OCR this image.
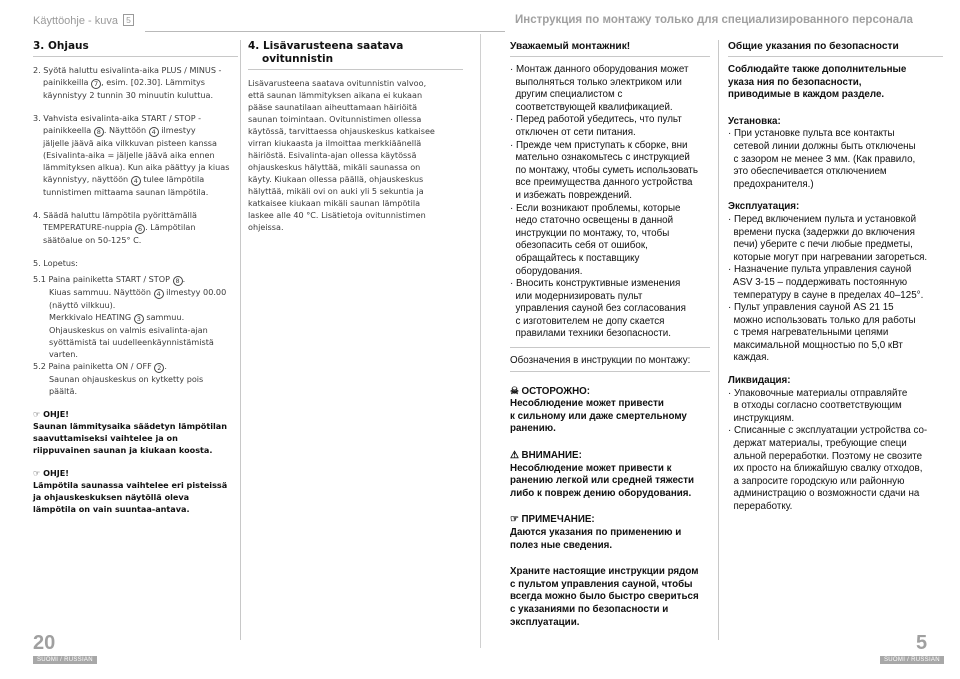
Käyttöohje - kuva 5	Инструкция по монтажу только для специализированного персонала
3. Ohjaus
2. Syötä haluttu esivalinta-aika PLUS / MINUS -
painikkeilla 7 , esim. [02.30]. Lämmitys
käynnistyy 2 tunnin 30 minuutin kuluttua.
3. Vahvista esivalinta-aika START / STOP -
painikkeella 8 . Näyttöön 4 ilmestyy
jäljelle jäävä aika vilkkuvan pisteen kanssa
(Esivalinta-aika = jäljelle jäävä aika ennen
lämmityksen alkua). Kun aika päättyy ja kiuas
käynnistyy, näyttöön 4 tulee lämpötila
tunnistimen mittaama saunan lämpötila.
4. Säädä haluttu lämpötila pyörittämällä
TEMPERATURE-nuppia 6 . Lämpötilan
säätöalue on 50-125° C.
5. Lopetus:
5.1 Paina painiketta START / STOP 8 .
Kiuas sammuu. Näyttöön 4 ilmestyy 00.00
(näyttö vilkkuu).
Merkkivalo HEATING 3 sammuu.
Ohjauskeskus on valmis esivalinta-ajan
syöttämistä tai uudelleenkäynnistämistä
varten.
5.2 Paina painiketta ON / OFF 2 .
Saunan ohjauskeskus on kytketty pois
päältä.
☞ OHJE!
Saunan lämmitysaika säädetyn lämpötilan
saavuttamiseksi vaihtelee ja on
riippuvainen saunan ja kiukaan koosta.
☞ OHJE!
Lämpötila saunassa vaihtelee eri pisteissä
ja ohjauskeskuksen näytöllä oleva
lämpötila on vain suuntaa-antava.
4. Lisävarusteena saatava
ovitunnistin
Lisävarusteena saatava ovitunnistin valvoo,
että saunan lämmityksen aikana ei kukaan
pääse saunatilaan aiheuttamaan häiriöitä
saunan toimintaan. Ovitunnistimen ollessa
käytössä, tarvittaessa ohjauskeskus katkaisee
virran kiukaasta ja ilmoittaa merkkiäänellä
häiriöstä. Esivalinta-ajan ollessa käytössä
ohjauskeskus hälyttää, mikäli saunassa on
käyty. Kiukaan ollessa päällä, ohjauskeskus
hälyttää, mikäli ovi on auki yli 5 sekuntia ja
katkaisee kiukaan mikäli saunan lämpötila
laskee alle 40 °C. Lisätietoja ovitunnistimen
ohjeissa.
Уважаемый монтажник!
· Монтаж данного оборудования может
выполняться только электриком или
другим специалистом с
соответствующей квалификацией.
· Перед работой убедитесь, что пульт
отключен от сети питания.
· Прежде чем приступать к сборке, вни
мательно ознакомьтесь с инструкцией
по монтажу, чтобы суметь использовать
все преимущества данного устройства
и избежать повреждений.
· Если возникают проблемы, которые
недо статочно освещены в данной
инструкции по монтажу, то, чтобы
обезопасить себя от ошибок,
обращайтесь к поставщику
оборудования.
· Вносить конструктивные изменения
или модернизировать пульт
управления сауной без согласования
с изготовителем не допу скается
правилами техники безопасности.
Обозначения в инструкции по монтажу:
☠ ОСТОРОЖНО:
Несоблюдение может привести
к сильному или даже смертельному
ранению.
⚠ ВНИМАНИЕ:
Несоблюдение может привести к
ранению легкой или средней тяжести
либо к повреж дению оборудования.
☞ ПРИМЕЧАНИЕ:
Даются указания по применению и
полез ные сведения.
Храните настоящие инструкции рядом
с пультом управления сауной, чтобы
всегда можно было быстро свериться
с указаниями по безопасности и
эксплуатации.
Общие указания по безопасности
Соблюдайте также дополнительные
указа ния по безопасности,
приводимые в каждом разделе.
Установка:
· При установке пульта все контакты
сетевой линии должны быть отключены
с зазором не менее 3 мм. (Как правило,
это обеспечивается отключением
предохранителя.)
Эксплуатация:
· Перед включением пульта и установкой
времени пуска (задержки до включения
печи) уберите с печи любые предметы,
которые могут при нагревании загореться.
· Назначение пульта управления сауной
ASV 3-15 – поддерживать постоянную
температуру в сауне в пределах 40–125°.
· Пульт управления сауной AS 21 15
можно использовать только для работы
с тремя нагревательными цепями
максимальной мощностью по 5,0 кВт
каждая.
Ликвидация:
· Упаковочные материалы отправляйте
в отходы согласно соответствующим
инструкциям.
· Списанные с эксплуатации устройства со-
держат материалы, требующие специ
альной переработки. Поэтому не свозите
их просто на ближайшую свалку отходов,
а запросите городскую или районную
администрацию о возможности сдачи на
переработку.
20
SUOMI / RUSSIAN
5
SUOMI / RUSSIAN
